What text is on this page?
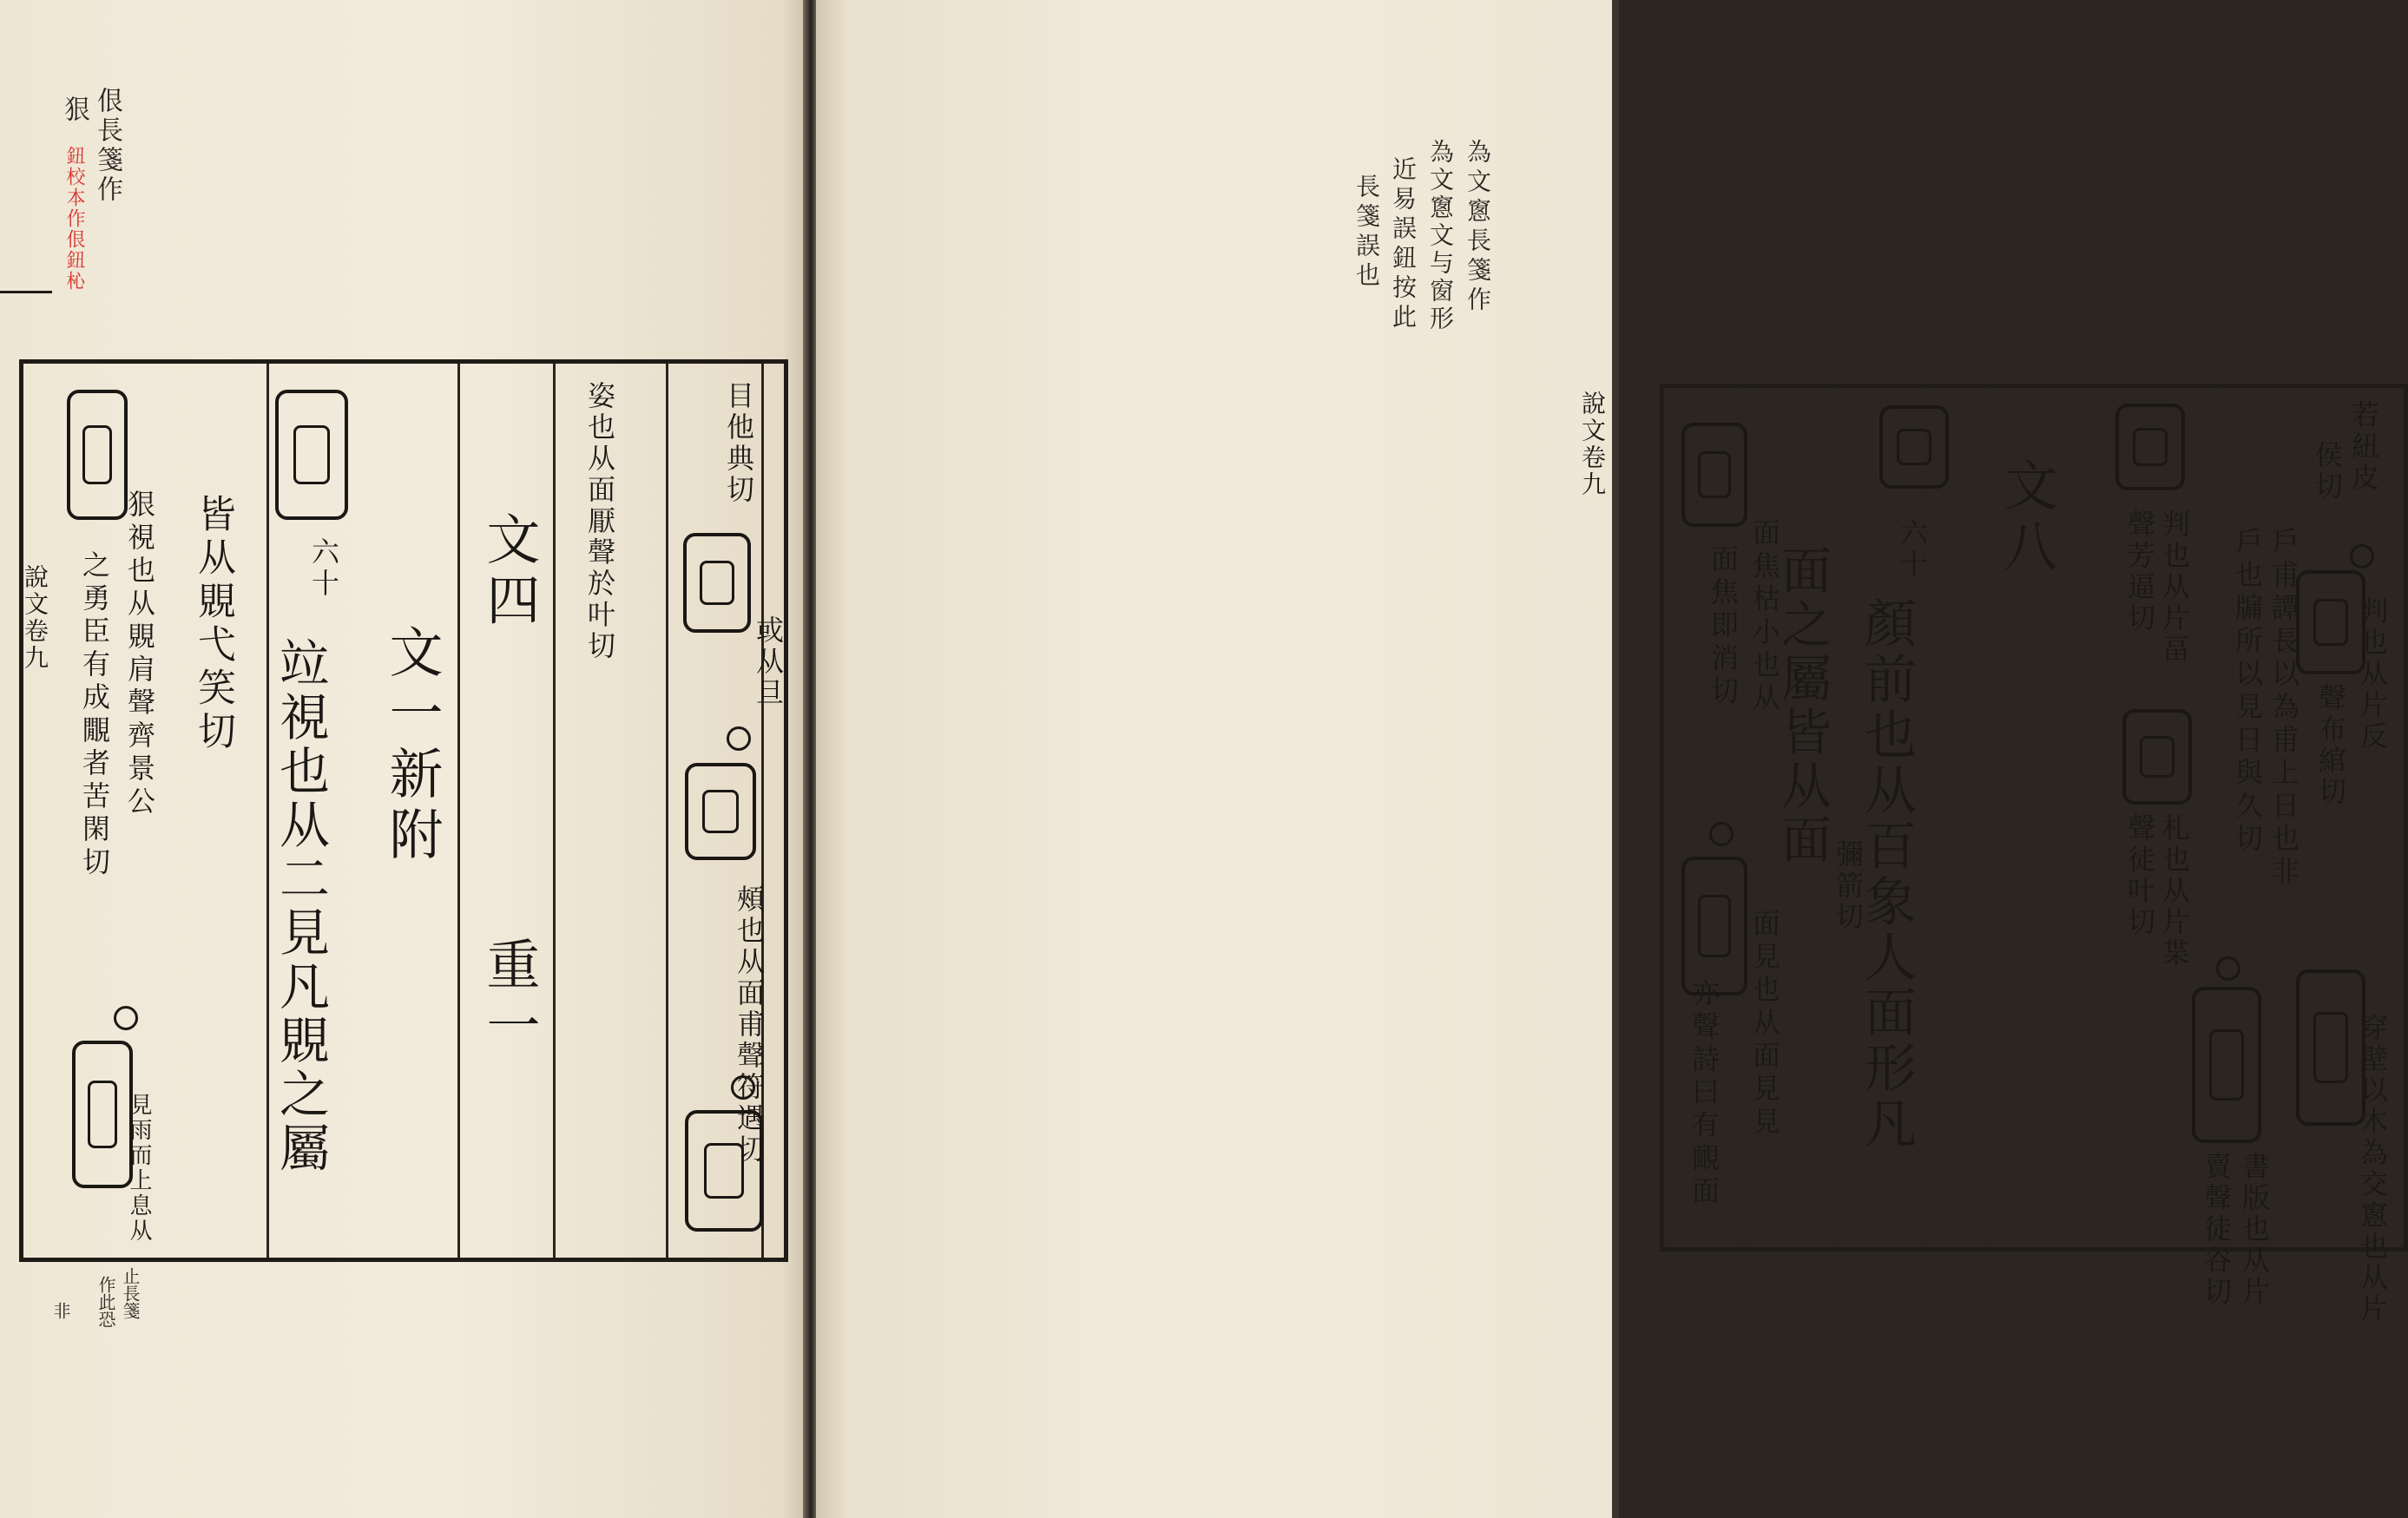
狠 佷長箋作
鈕校本作佷鈕杺
說文卷九
目他典切
姿也从面厭聲於叶切	或从旦
頰也从面甫聲符遇切
文四
重一
文一新附
六十
竝視也从二見凡覞之屬
皆从覞弋笑切
狠視也从覞肩聲齊景公
之勇臣有成覵者苦閑切
見雨而上息从
止長箋
作此恐
非
為文窻長箋作
為文窻文与窗形
近易誤鈕按此
長箋誤也
說文卷九	若紐皮
侯切
戶甫譚長以為甫上日也非
戶也牖所以見日與久切	判也从片反
聲布綰切
穿壁以木為交窻也从片
書版也从片
賣聲徒谷切
判也从片畐
聲芳逼切
札也从片枼
聲徒叶切
文八
六十
顏前也从百象人面形凡
面之屬皆从面
彌箭切
面焦枯小也从
面焦即消切
面見也从面見見
亦聲詩曰有靦面
